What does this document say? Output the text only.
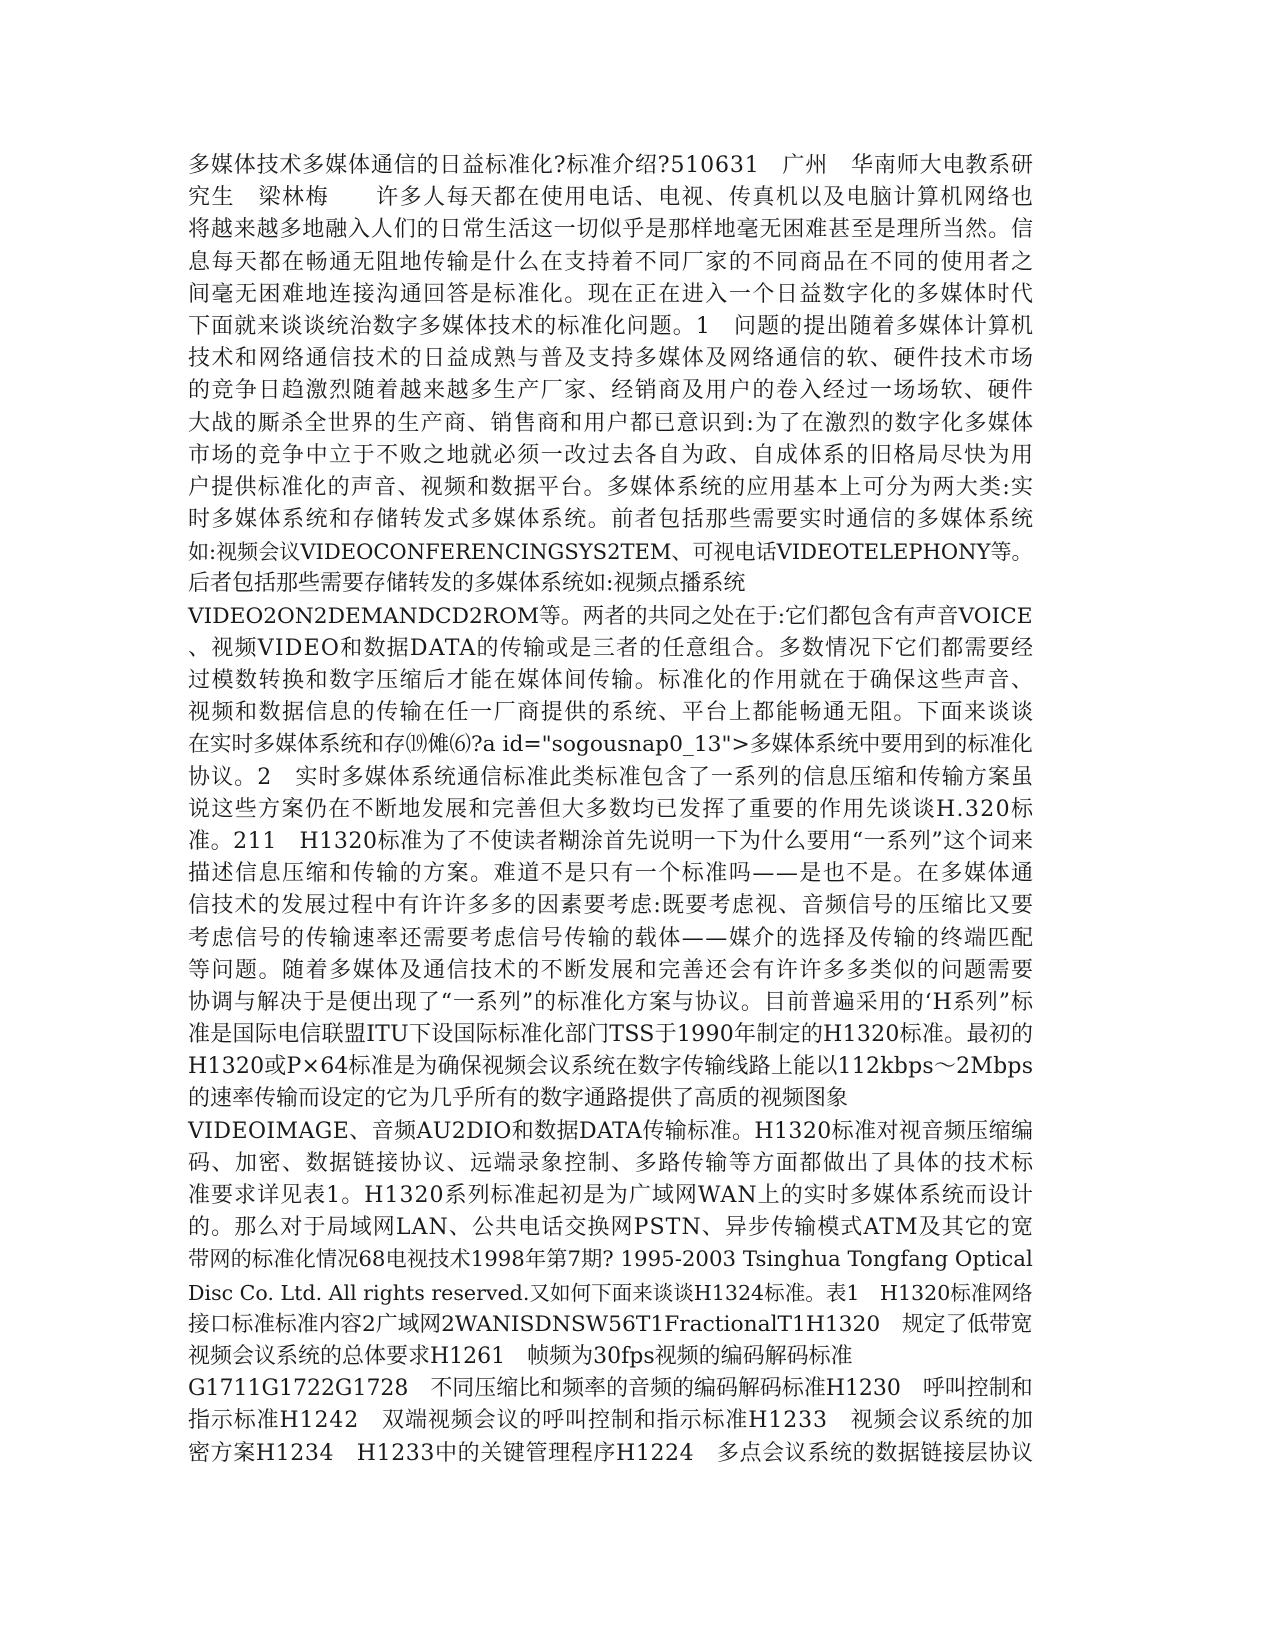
多媒体技术多媒体通信的日益标准化?标准介绍?510631　广州　华南师大电教系研
究生　梁林梅　　许多人每天都在使用电话、电视、传真机以及电脑计算机网络也
将越来越多地融入人们的日常生活这一切似乎是那样地毫无困难甚至是理所当然。信
息每天都在畅通无阻地传输是什么在支持着不同厂家的不同商品在不同的使用者之
间毫无困难地连接沟通回答是标准化。现在正在进入一个日益数字化的多媒体时代
下面就来谈谈统治数字多媒体技术的标准化问题。1　问题的提出随着多媒体计算机
技术和网络通信技术的日益成熟与普及支持多媒体及网络通信的软、硬件技术市场
的竞争日趋激烈随着越来越多生产厂家、经销商及用户的卷入经过一场场软、硬件
大战的厮杀全世界的生产商、销售商和用户都已意识到:为了在激烈的数字化多媒体
市场的竞争中立于不败之地就必须一改过去各自为政、自成体系的旧格局尽快为用
户提供标准化的声音、视频和数据平台。多媒体系统的应用基本上可分为两大类:实
时多媒体系统和存储转发式多媒体系统。前者包括那些需要实时通信的多媒体系统
如:视频会议VIDEOCONFERENCINGSYS2TEM、可视电话VIDEOTELEPHONY等。
后者包括那些需要存储转发的多媒体系统如:视频点播系统
VIDEO2ON2DEMANDCD2ROM等。两者的共同之处在于:它们都包含有声音VOICE
、视频VIDEO和数据DATA的传输或是三者的任意组合。多数情况下它们都需要经
过模数转换和数字压缩后才能在媒体间传输。标准化的作用就在于确保这些声音、
视频和数据信息的传输在任一厂商提供的系统、平台上都能畅通无阻。下面来谈谈
在实时多媒体系统和存⒆傩⑹?a id="sogousnap0_13">多媒体系统中要用到的标准化
协议。2　实时多媒体系统通信标准此类标准包含了一系列的信息压缩和传输方案虽
说这些方案仍在不断地发展和完善但大多数均已发挥了重要的作用先谈谈H.320标
准。211　H1320标准为了不使读者糊涂首先说明一下为什么要用“一系列”这个词来
描述信息压缩和传输的方案。难道不是只有一个标准吗——是也不是。在多媒体通
信技术的发展过程中有许许多多的因素要考虑:既要考虑视、音频信号的压缩比又要
考虑信号的传输速率还需要考虑信号传输的载体——媒介的选择及传输的终端匹配
等问题。随着多媒体及通信技术的不断发展和完善还会有许许多多类似的问题需要
协调与解决于是便出现了“一系列”的标准化方案与协议。目前普遍采用的‘H系列”标
准是国际电信联盟ITU下设国际标准化部门TSS于1990年制定的H1320标准。最初的
H1320或P×64标准是为确保视频会议系统在数字传输线路上能以112kbps～2Mbps
的速率传输而设定的它为几乎所有的数字通路提供了高质的视频图象
VIDEOIMAGE、音频AU2DIO和数据DATA传输标准。H1320标准对视音频压缩编
码、加密、数据链接协议、远端录象控制、多路传输等方面都做出了具体的技术标
准要求详见表1。H1320系列标准起初是为广域网WAN上的实时多媒体系统而设计
的。那么对于局域网LAN、公共电话交换网PSTN、异步传输模式ATM及其它的宽
带网的标准化情况68电视技术1998年第7期? 1995-2003 Tsinghua Tongfang Optical
Disc Co. Ltd. All rights reserved.又如何下面来谈谈H1324标准。表1　H1320标准网络
接口标准标准内容2广域网2WANISDNSW56T1FractionalT1H1320　规定了低带宽
视频会议系统的总体要求H1261　帧频为30fps视频的编码解码标准
G1711G1722G1728　不同压缩比和频率的音频的编码解码标准H1230　呼叫控制和
指示标准H1242　双端视频会议的呼叫控制和指示标准H1233　视频会议系统的加
密方案H1234　H1233中的关键管理程序H1224　多点会议系统的数据链接层协议
